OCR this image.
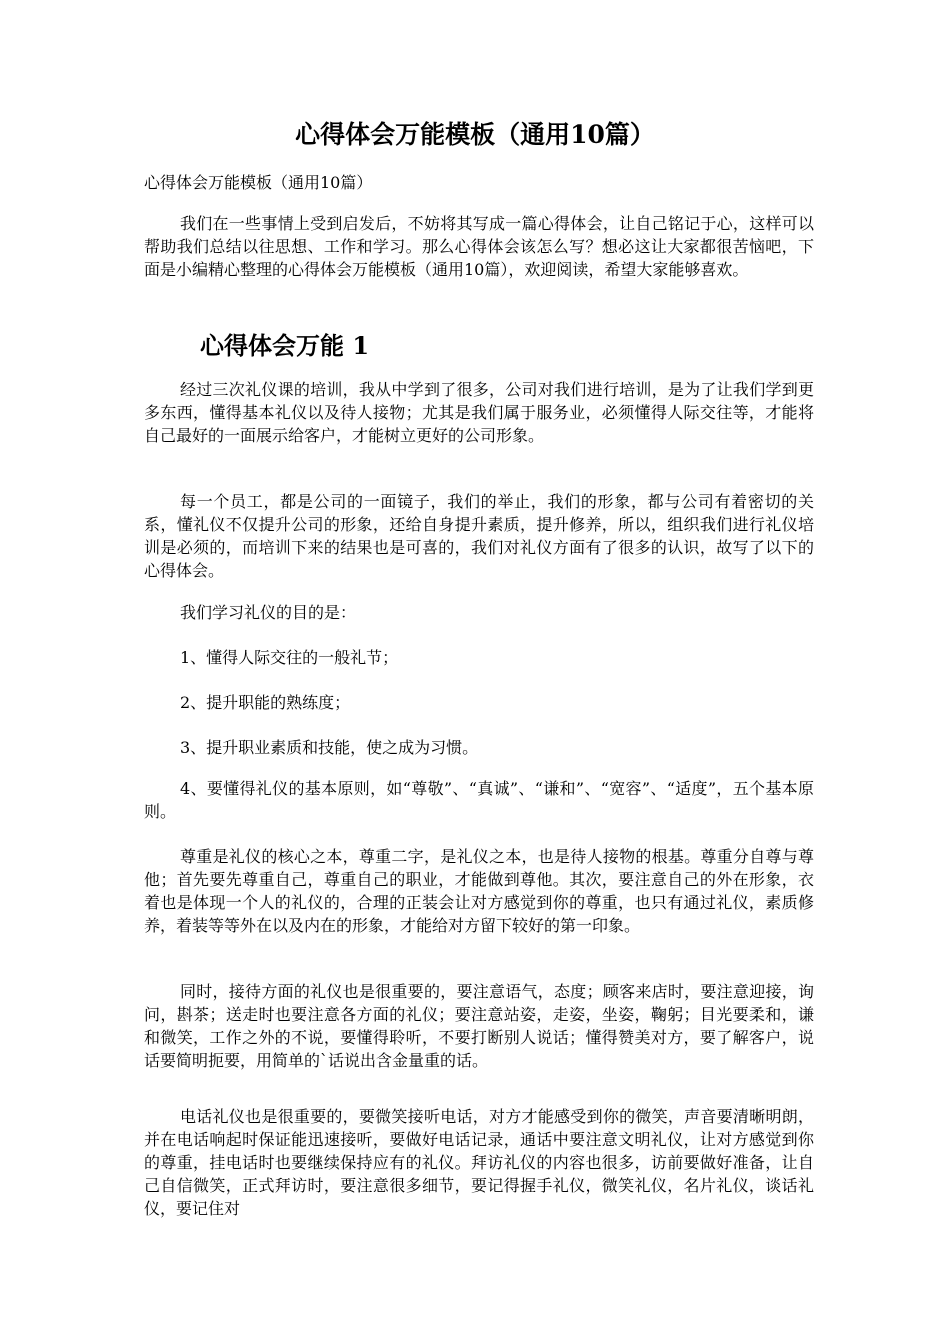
心得体会万能模板（通用10篇）

心得体会万能模板（通用10篇）

我们在一些事情上受到启发后，不妨将其写成一篇心得体会，让自己铭记于心，这样可以帮助我们总结以往思想、工作和学习。那么心得体会该怎么写？想必这让大家都很苦恼吧，下面是小编精心整理的心得体会万能模板（通用10篇），欢迎阅读，希望大家能够喜欢。

心得体会万能 1

经过三次礼仪课的培训，我从中学到了很多，公司对我们进行培训，是为了让我们学到更多东西，懂得基本礼仪以及待人接物；尤其是我们属于服务业，必须懂得人际交往等，才能将自己最好的一面展示给客户，才能树立更好的公司形象。

每一个员工，都是公司的一面镜子，我们的举止，我们的形象，都与公司有着密切的关系，懂礼仪不仅提升公司的形象，还给自身提升素质，提升修养，所以，组织我们进行礼仪培训是必须的，而培训下来的结果也是可喜的，我们对礼仪方面有了很多的认识，故写了以下的心得体会。

我们学习礼仪的目的是：

1、懂得人际交往的一般礼节；

2、提升职能的熟练度；

3、提升职业素质和技能，使之成为习惯。

4、要懂得礼仪的基本原则，如“尊敬”、“真诚”、“谦和”、“宽容”、“适度”，五个基本原则。

尊重是礼仪的核心之本，尊重二字，是礼仪之本，也是待人接物的根基。尊重分自尊与尊他；首先要先尊重自己，尊重自己的职业，才能做到尊他。其次，要注意自己的外在形象，衣着也是体现一个人的礼仪的，合理的正装会让对方感觉到你的尊重，也只有通过礼仪，素质修养，着装等等外在以及内在的形象，才能给对方留下较好的第一印象。

同时，接待方面的礼仪也是很重要的，要注意语气，态度；顾客来店时，要注意迎接，询问，斟茶；送走时也要注意各方面的礼仪；要注意站姿，走姿，坐姿，鞠躬；目光要柔和，谦和微笑，工作之外的不说，要懂得聆听，不要打断别人说话；懂得赞美对方，要了解客户，说话要简明扼要，用简单的`话说出含金量重的话。

电话礼仪也是很重要的，要微笑接听电话，对方才能感受到你的微笑，声音要清晰明朗，并在电话响起时保证能迅速接听，要做好电话记录，通话中要注意文明礼仪，让对方感觉到你的尊重，挂电话时也要继续保持应有的礼仪。拜访礼仪的内容也很多，访前要做好准备，让自己自信微笑，正式拜访时，要注意很多细节，要记得握手礼仪，微笑礼仪，名片礼仪，谈话礼仪，要记住对
